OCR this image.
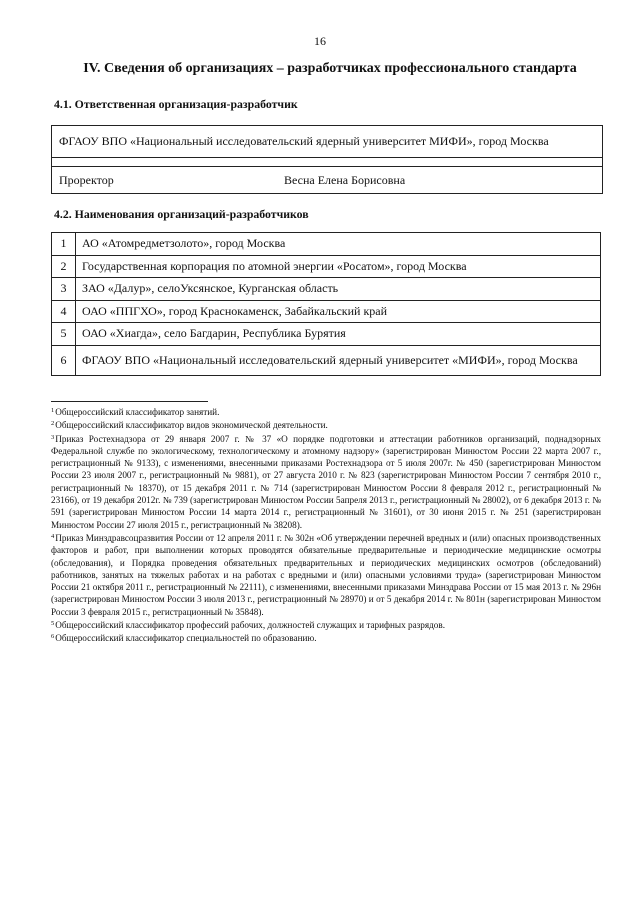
16
IV. Сведения об организациях – разработчиках профессионального стандарта
4.1. Ответственная организация-разработчик
ФГАОУ ВПО «Национальный исследовательский ядерный университет МИФИ», город Москва
Проректор	Весна Елена Борисовна
4.2. Наименования организаций-разработчиков
1	АО «Атомредметзолото», город Москва
2	Государственная корпорация по атомной энергии «Росатом», город Москва
3	ЗАО «Далур», селоУксянское, Курганская область
4	ОАО «ППГХО», город Краснокаменск, Забайкальский край
5	ОАО «Хиагда», село Багдарин, Республика Бурятия
6	ФГАОУ ВПО «Национальный исследовательский ядерный университет «МИФИ», город Москва

$^1$Общероссийский классификатор занятий.

$^2$Общероссийский классификатор видов экономической деятельности.

$^3$Приказ Ростехнадзора от 29 января 2007 г. № 37 «О порядке подготовки и аттестации работников организаций, поднадзорных Федеральной службе по экологическому, технологическому и атомному надзору» (зарегистрирован Минюстом России 22 марта 2007 г., регистрационный № 9133), с изменениями, внесенными приказами Ростехнадзора от 5 июля 2007г. № 450 (зарегистрирован Минюстом России 23 июля 2007 г., регистрационный № 9881), от 27 августа 2010 г. № 823 (зарегистрирован Минюстом России 7 сентября 2010 г., регистрационный № 18370), от 15 декабря 2011 г. № 714 (зарегистрирован Минюстом России 8 февраля 2012 г., регистрационный № 23166), от 19 декабря 2012г. № 739 (зарегистрирован Минюстом России 5апреля 2013 г., регистрационный № 28002), от 6 декабря 2013 г. № 591 (зарегистрирован Минюстом России 14 марта 2014 г., регистрационный № 31601), от 30 июня 2015 г. № 251 (зарегистрирован Минюстом России 27 июля 2015 г., регистрационный № 38208).

$^4$Приказ Минздравсоцразвития России от 12 апреля 2011 г. № 302н «Об утверждении перечней вредных и (или) опасных производственных факторов и работ, при выполнении которых проводятся обязательные предварительные и периодические медицинские осмотры (обследования), и Порядка проведения обязательных предварительных и периодических медицинских осмотров (обследований) работников, занятых на тяжелых работах и на работах с вредными и (или) опасными условиями труда» (зарегистрирован Минюстом России 21 октября 2011 г., регистрационный № 22111), с изменениями, внесенными приказами Минздрава России от 15 мая 2013 г. № 296н (зарегистрирован Минюстом России 3 июля 2013 г., регистрационный № 28970) и от 5 декабря 2014 г. № 801н (зарегистрирован Минюстом России 3 февраля 2015 г., регистрационный № 35848).

$^5$Общероссийский классификатор профессий рабочих, должностей служащих и тарифных разрядов.

$^6$Общероссийский классификатор специальностей по образованию.
